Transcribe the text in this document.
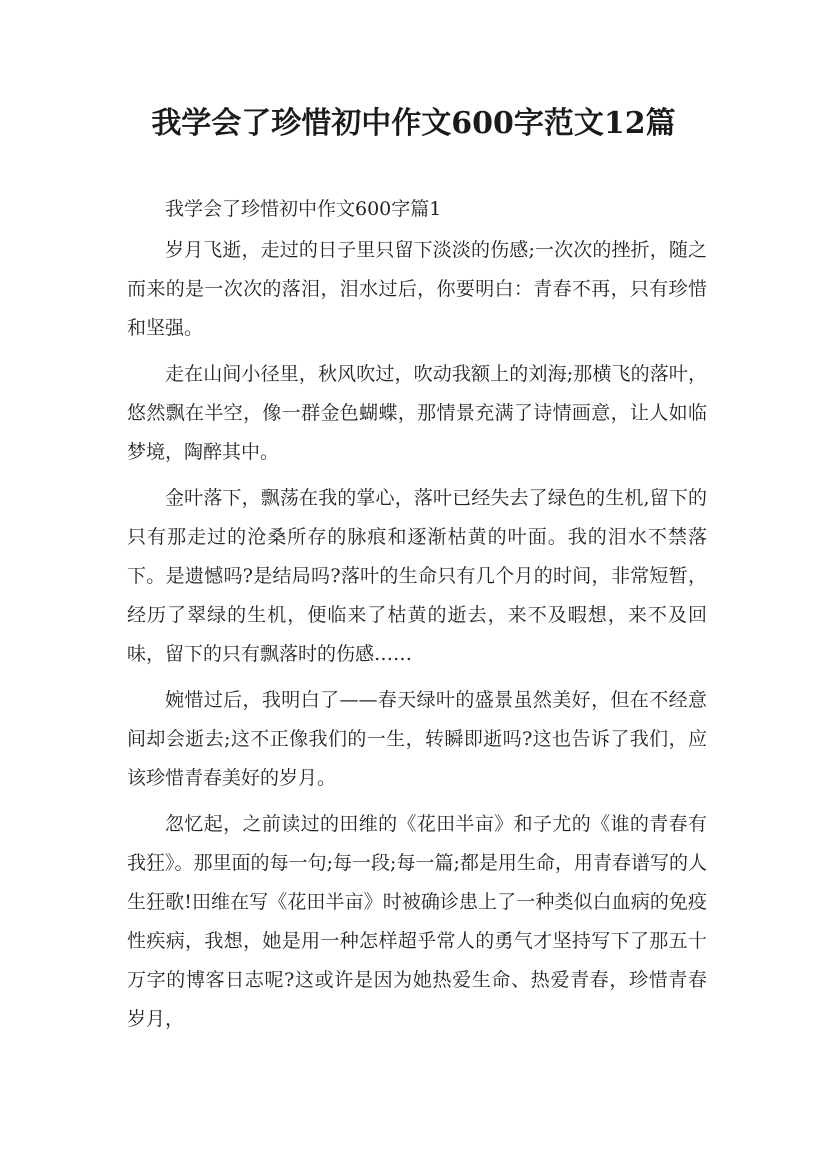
我学会了珍惜初中作文600字范文12篇

我学会了珍惜初中作文600字篇1

岁月飞逝，走过的日子里只留下淡淡的伤感;一次次的挫折，随之而来的是一次次的落泪，泪水过后，你要明白：青春不再，只有珍惜和坚强。

走在山间小径里，秋风吹过，吹动我额上的刘海;那横飞的落叶，悠然飘在半空，像一群金色蝴蝶，那情景充满了诗情画意，让人如临梦境，陶醉其中。

金叶落下，飘荡在我的掌心，落叶已经失去了绿色的生机,留下的只有那走过的沧桑所存的脉痕和逐渐枯黄的叶面。我的泪水不禁落下。是遗憾吗?是结局吗?落叶的生命只有几个月的时间，非常短暂，经历了翠绿的生机，便临来了枯黄的逝去，来不及暇想，来不及回味，留下的只有飘落时的伤感……

婉惜过后，我明白了——春天绿叶的盛景虽然美好，但在不经意间却会逝去;这不正像我们的一生，转瞬即逝吗?这也告诉了我们，应该珍惜青春美好的岁月。

忽忆起，之前读过的田维的《花田半亩》和子尤的《谁的青春有我狂》。那里面的每一句;每一段;每一篇;都是用生命，用青春谱写的人生狂歌!田维在写《花田半亩》时被确诊患上了一种类似白血病的免疫性疾病，我想，她是用一种怎样超乎常人的勇气才坚持写下了那五十万字的博客日志呢?这或许是因为她热爱生命、热爱青春，珍惜青春岁月，
